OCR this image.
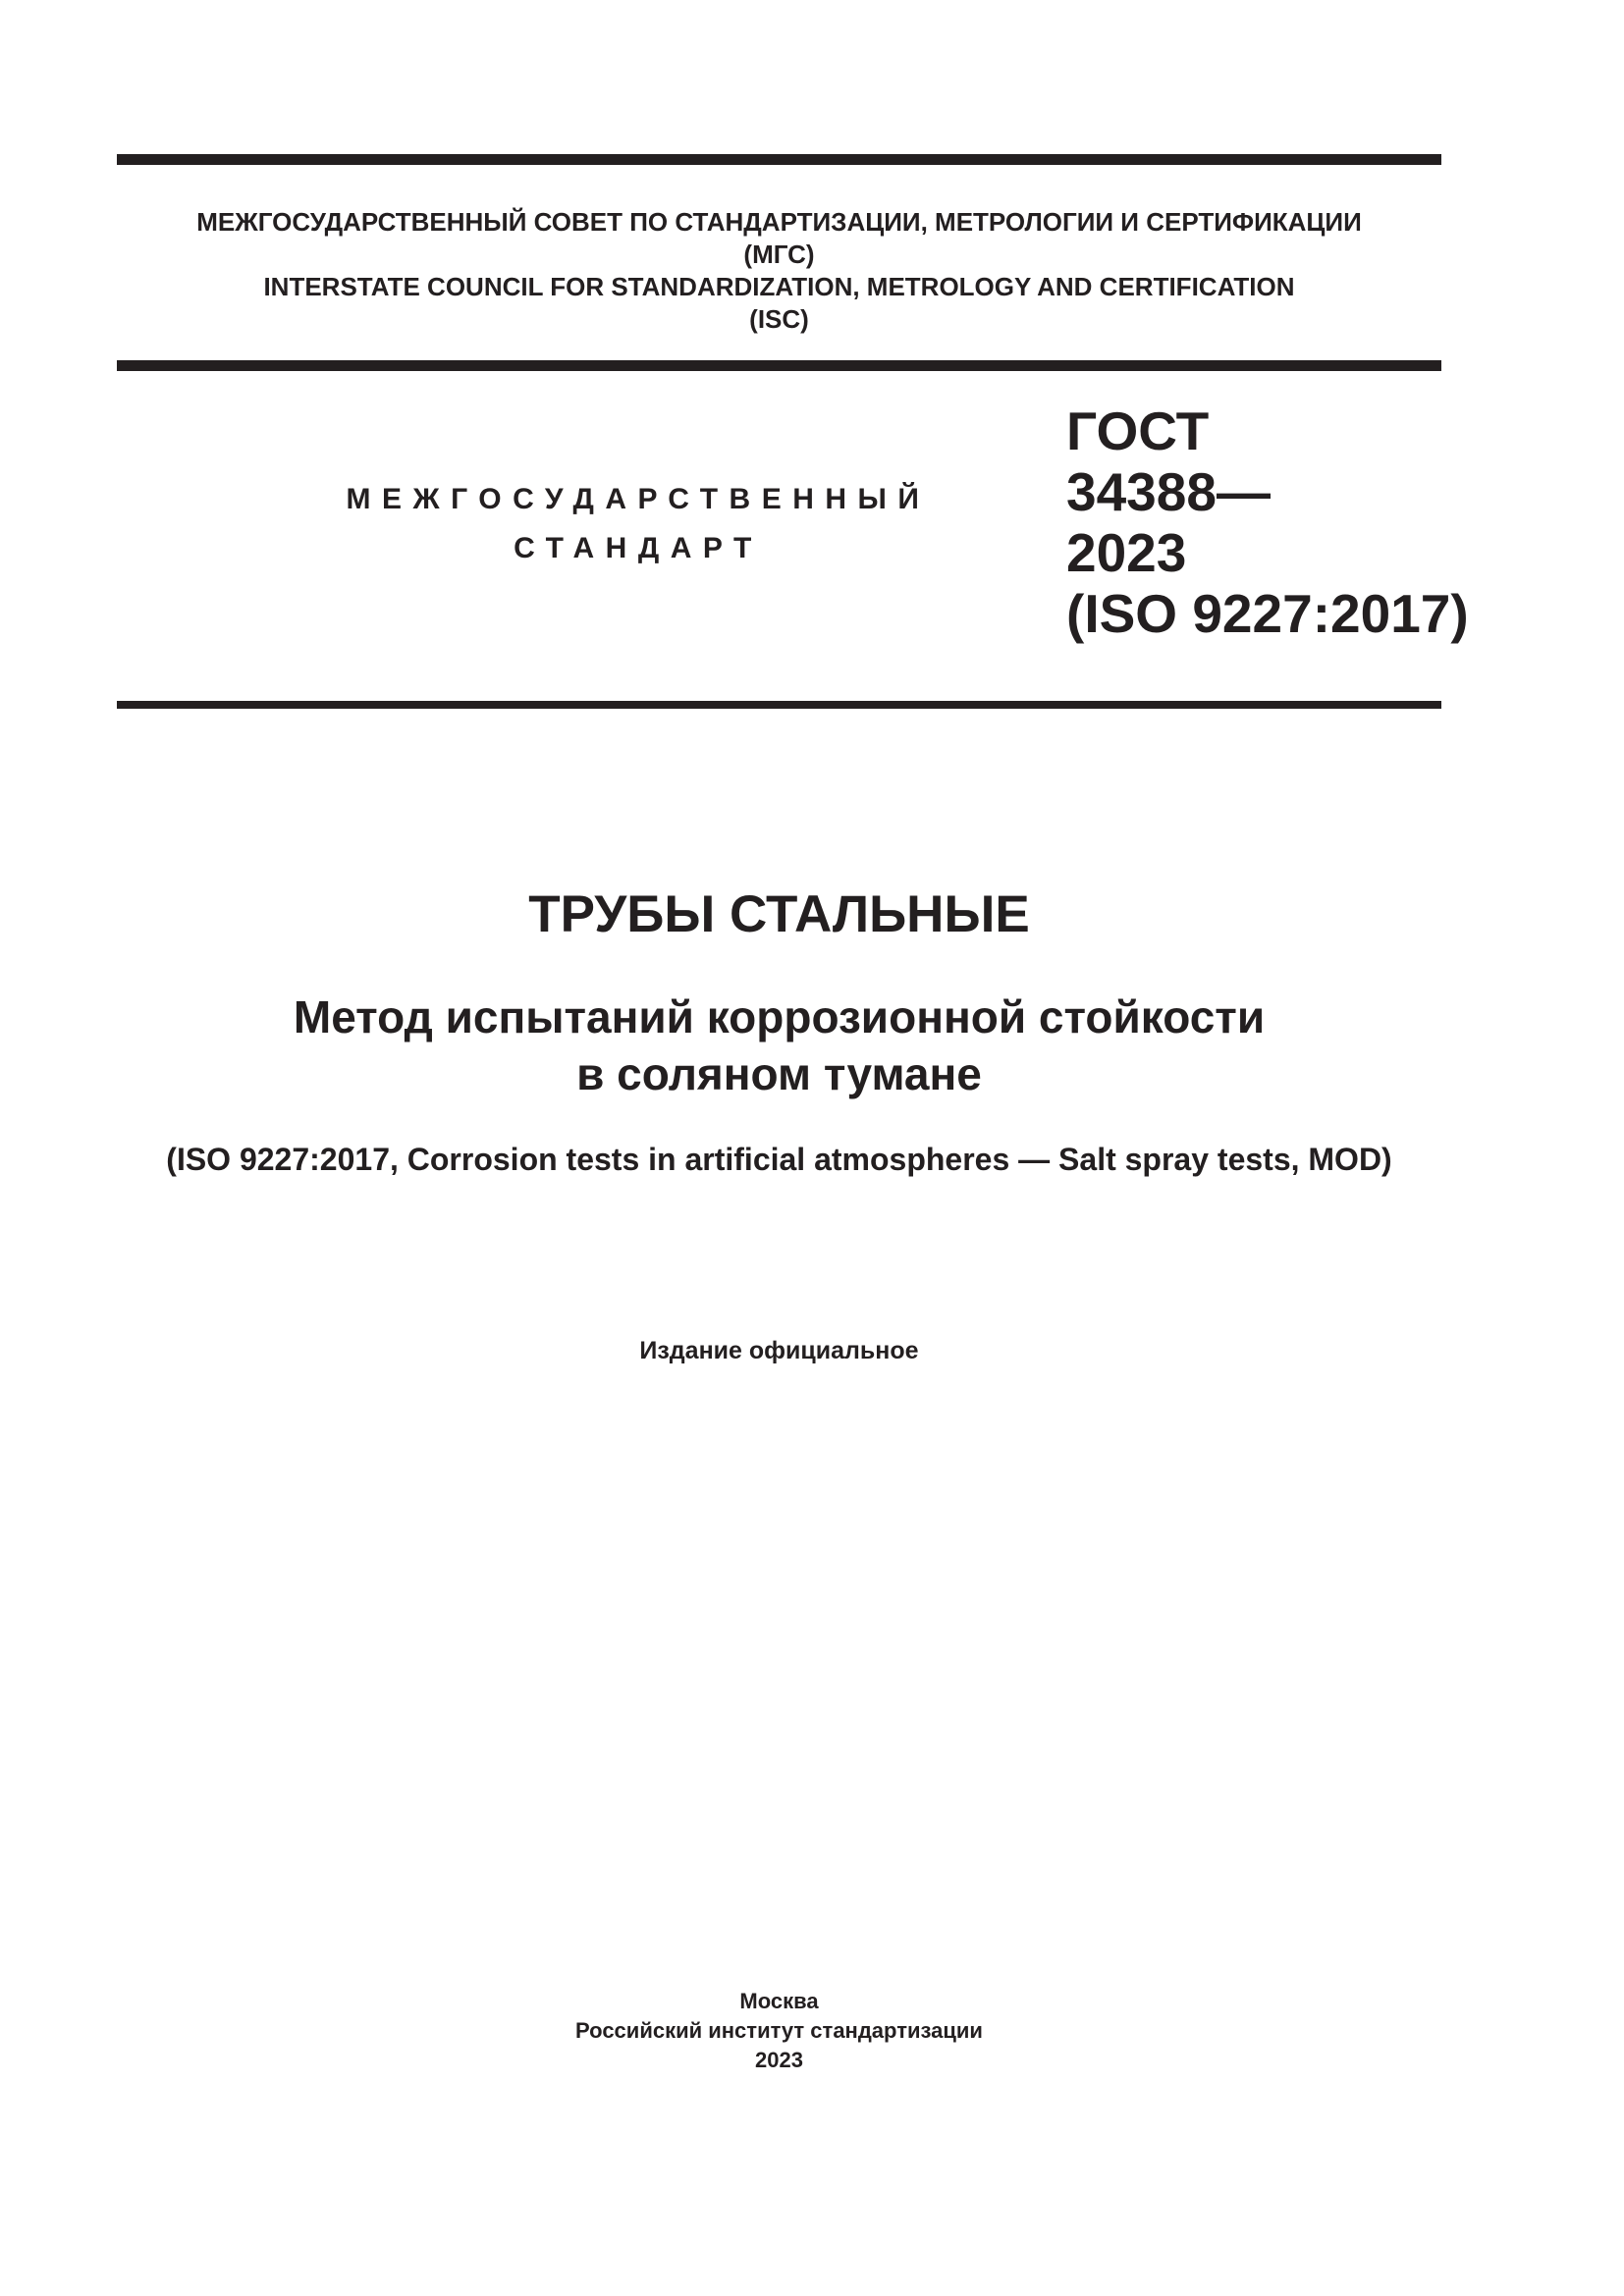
МЕЖГОСУДАРСТВЕННЫЙ СОВЕТ ПО СТАНДАРТИЗАЦИИ, МЕТРОЛОГИИ И СЕРТИФИКАЦИИ
(МГС)
INTERSTATE COUNCIL FOR STANDARDIZATION, METROLOGY AND CERTIFICATION
(ISC)
МЕЖГОСУДАРСТВЕННЫЙ
СТАНДАРТ
ГОСТ
34388—
2023
(ISO 9227:2017)
ТРУБЫ СТАЛЬНЫЕ
Метод испытаний коррозионной стойкости
в соляном тумане
(ISO 9227:2017, Corrosion tests in artificial atmospheres — Salt spray tests, MOD)
Издание официальное
Москва
Российский институт стандартизации
2023
